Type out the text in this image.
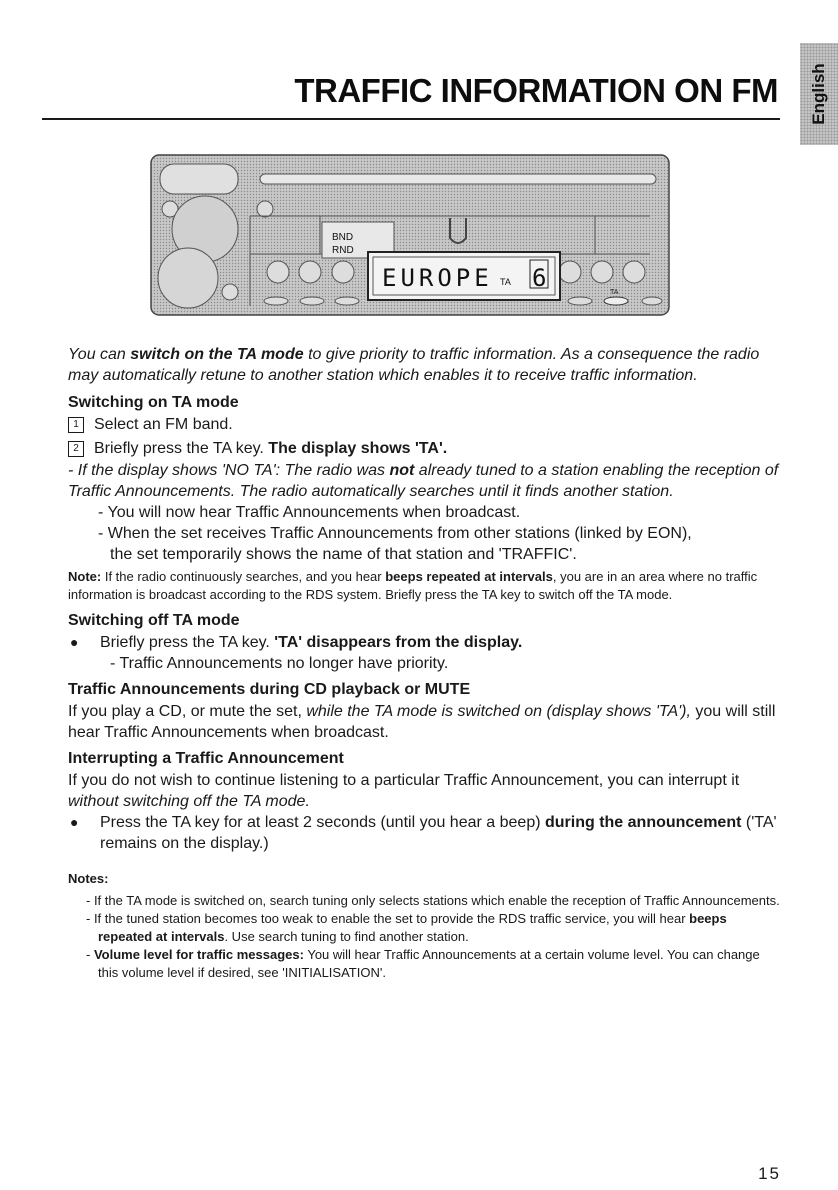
English
TRAFFIC INFORMATION ON FM
BND
RND
EUROPE TA 6
TA

You can switch on the TA mode to give priority to traffic information. As a consequence the radio may automatically retune to another station which enables it to receive traffic information.

Switching on TA mode
1 Select an FM band.
2 Briefly press the TA key. The display shows 'TA'.

- If the display shows 'NO TA': The radio was not already tuned to a station enabling the reception of Traffic Announcements. The radio automatically searches until it finds another station.

- You will now hear Traffic Announcements when broadcast.

- When the set receives Traffic Announcements from other stations (linked by EON),

the set temporarily shows the name of that station and 'TRAFFIC'.

Note: If the radio continuously searches, and you hear beeps repeated at intervals, you are in an area where no traffic information is broadcast according to the RDS system. Briefly press the TA key to switch off the TA mode.

Switching off TA mode
●	Briefly press the TA key. 'TA' disappears from the display.

- Traffic Announcements no longer have priority.

Traffic Announcements during CD playback or MUTE

If you play a CD, or mute the set, while the TA mode is switched on (display shows 'TA'), you will still hear Traffic Announcements when broadcast.

Interrupting a Traffic Announcement

If you do not wish to continue listening to a particular Traffic Announcement, you can interrupt it without switching off the TA mode.

●	Press the TA key for at least 2 seconds (until you hear a beep) during the announcement ('TA' remains on the display.)
Notes:

- If the TA mode is switched on, search tuning only selects stations which enable the reception of Traffic Announcements.

- If the tuned station becomes too weak to enable the set to provide the RDS traffic service, you will hear beeps repeated at intervals. Use search tuning to find another station.

- Volume level for traffic messages: You will hear Traffic Announcements at a certain volume level. You can change this volume level if desired, see 'INITIALISATION'.

15
